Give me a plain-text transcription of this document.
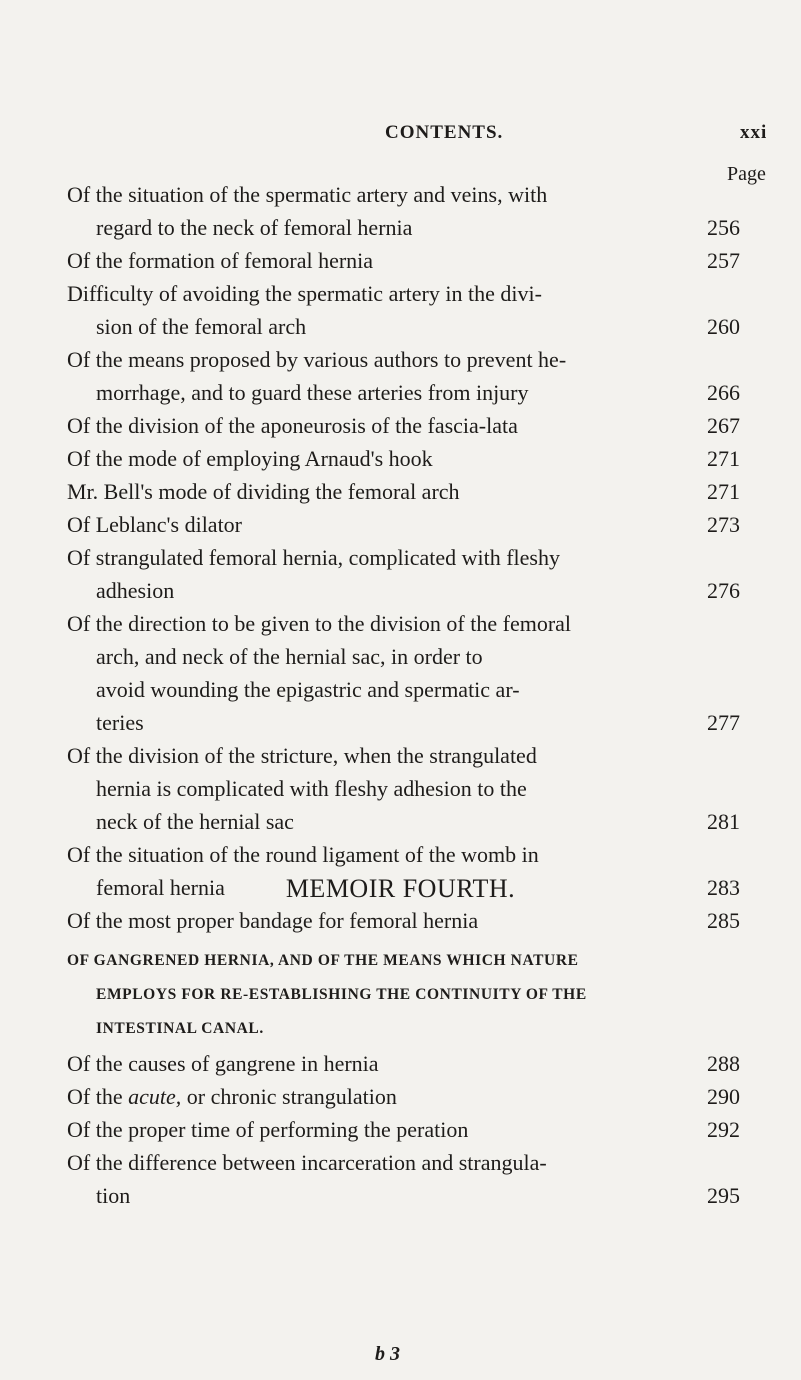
CONTENTS.	xxi
Page
Of the situation of the spermatic artery and veins, with
regard to the neck of femoral hernia	256
Of the formation of femoral hernia	257
Difficulty of avoiding the spermatic artery in the divi-
sion of the femoral arch	260
Of the means proposed by various authors to prevent he-
morrhage, and to guard these arteries from injury	266
Of the division of the aponeurosis of the fascia-lata	267
Of the mode of employing Arnaud's hook	271
Mr. Bell's mode of dividing the femoral arch	271
Of Leblanc's dilator	273
Of strangulated femoral hernia, complicated with fleshy
adhesion	276
Of the direction to be given to the division of the femoral
arch, and neck of the hernial sac, in order to
avoid wounding the epigastric and spermatic ar-
teries	277
Of the division of the stricture, when the strangulated
hernia is complicated with fleshy adhesion to the
neck of the hernial sac	281
Of the situation of the round ligament of the womb in
femoral hernia	283
Of the most proper bandage for femoral hernia	285
MEMOIR FOURTH.
OF GANGRENED HERNIA, AND OF THE MEANS WHICH NATURE
EMPLOYS FOR RE-ESTABLISHING THE CONTINUITY OF THE
INTESTINAL CANAL.
Of the causes of gangrene in hernia	288
Of the acute, or chronic strangulation	290
Of the proper time of performing the peration	292
Of the difference between incarceration and strangula-
tion	295
b 3
